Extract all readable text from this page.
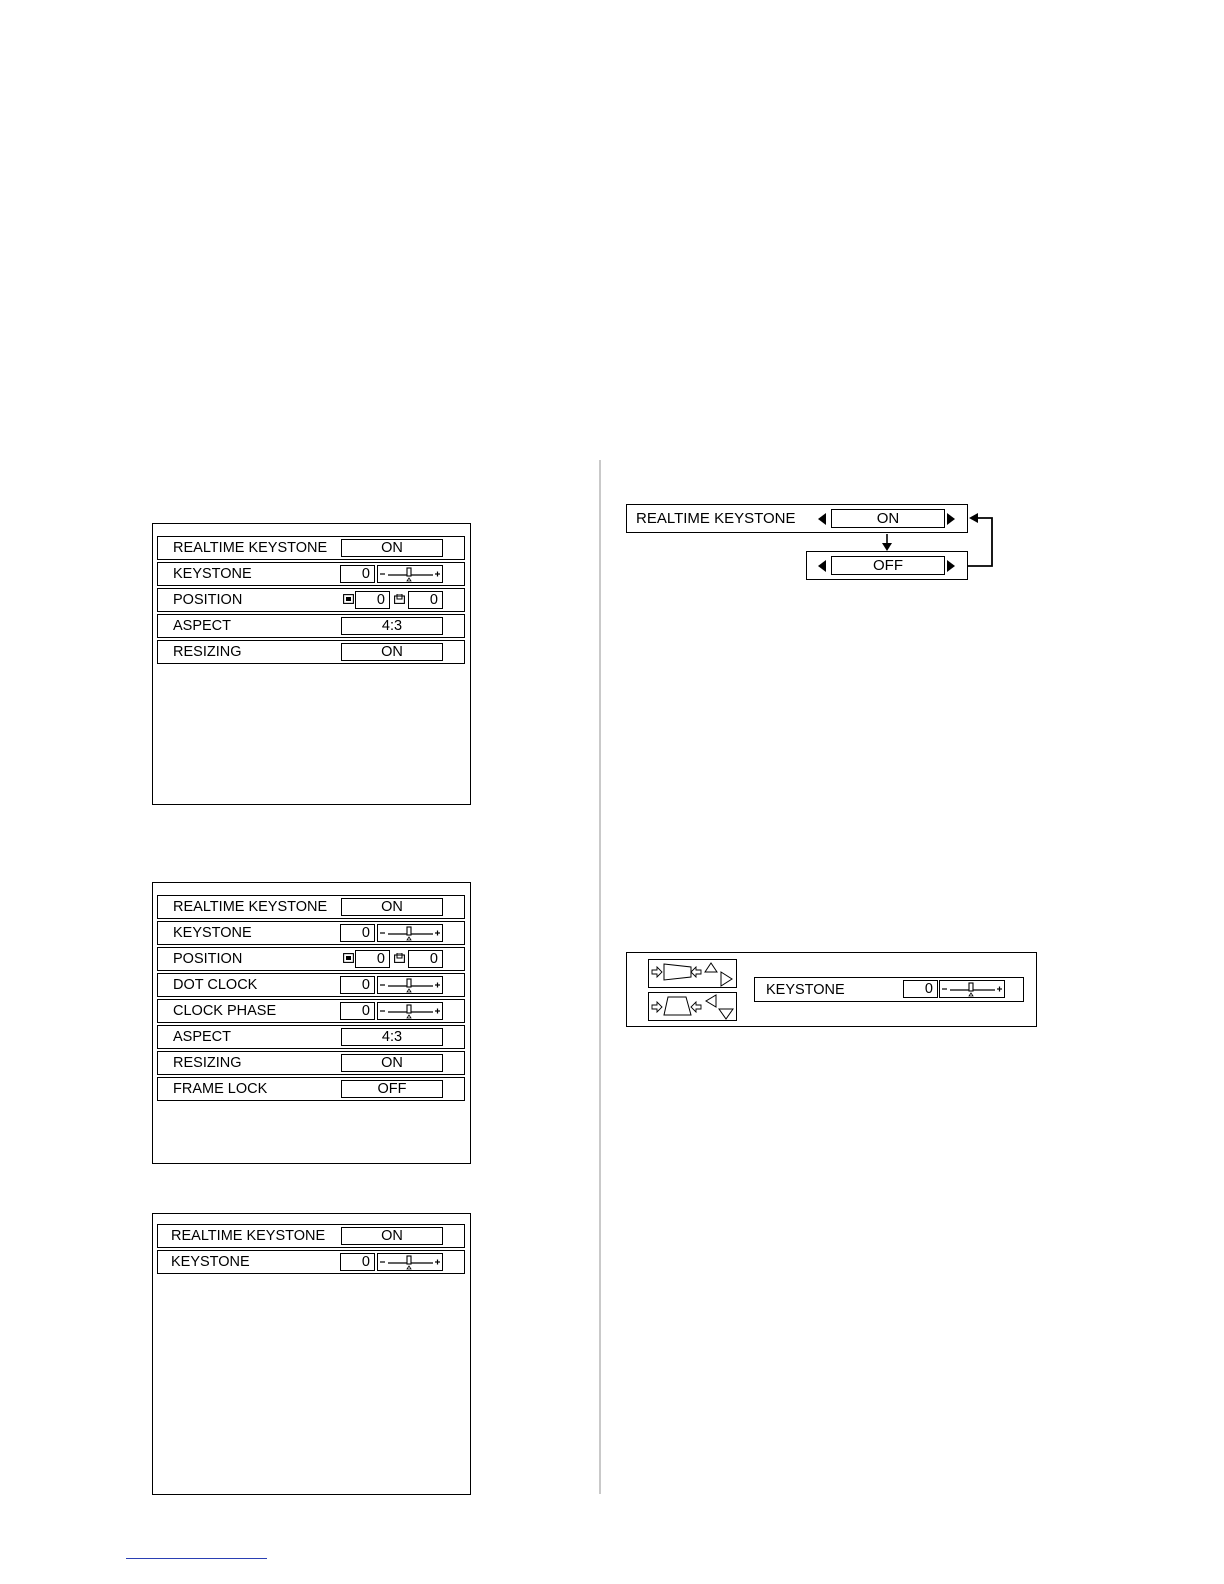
REALTIME KEYSTONE	ON
KEYSTONE	0
POSITION	0	0
ASPECT	4:3
RESIZING	ON
REALTIME KEYSTONE	ON
KEYSTONE	0
POSITION	0	0
DOT CLOCK	0
CLOCK PHASE	0
ASPECT	4:3
RESIZING	ON
FRAME LOCK	OFF
REALTIME KEYSTONE	ON
KEYSTONE	0
REALTIME KEYSTONE	ON
OFF
KEYSTONE	0
